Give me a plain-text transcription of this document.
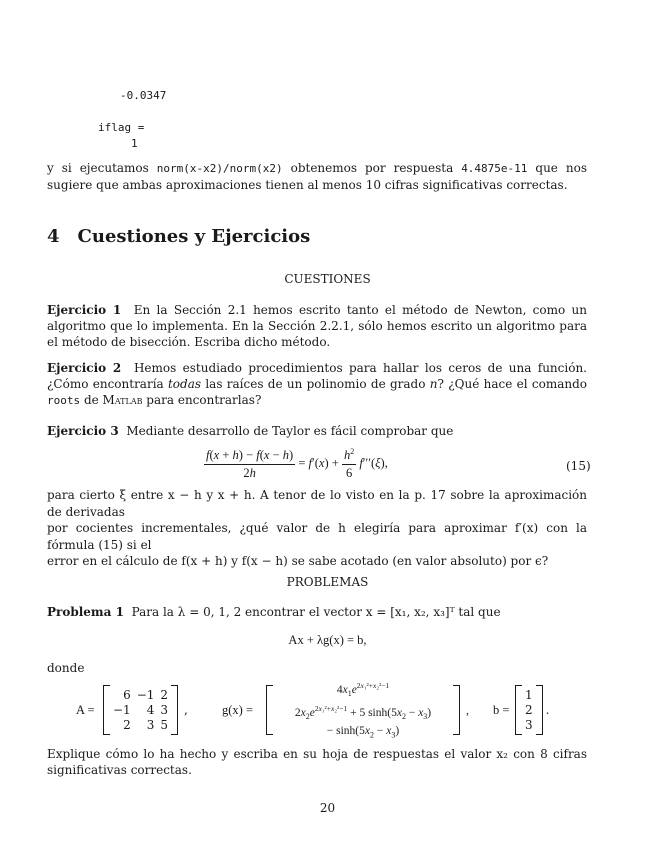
-0.0347
iflag =
1
y si ejecutamos norm(x-x2)/norm(x2) obtenemos por respuesta 4.4875e-11 que nos sugiere que ambas aproximaciones tienen al menos 10 cifras significativas correctas.
4 Cuestiones y Ejercicios
CUESTIONES
Ejercicio 1 En la Sección 2.1 hemos escrito tanto el método de Newton, como un algoritmo que lo implementa. En la Sección 2.2.1, sólo hemos escrito un algoritmo para el método de bisección. Escriba dicho método.
Ejercicio 2 Hemos estudiado procedimientos para hallar los ceros de una función. ¿Cómo encontraría todas las raíces de un polinomio de grado n? ¿Qué hace el comando roots de Matlab para encontrarlas?
Ejercicio 3 Mediante desarrollo de Taylor es fácil comprobar que
$\frac{f(x + h) - f(x - h)}{2h} = f'(x) + \frac{h^2}{6} f'''(\xi)$,	(15)
para cierto ξ entre x − h y x + h. A tenor de lo visto en la p. 17 sobre la aproximación de derivadas
por cocientes incrementales, ¿qué valor de h elegiría para aproximar f′(x) con la fórmula (15) si el
error en el cálculo de f(x + h) y f(x − h) se sabe acotado (en valor absoluto) por ϵ?
PROBLEMAS
Problema 1 Para la λ = 0, 1, 2 encontrar el vector x = [x₁, x₂, x₃]ᵀ tal que
Ax + λg(x) = b,
donde
A =
6	−1	2
−1	4	3
2	3	5
,	g(x) =
$4x_1e^{2x_1^2+x_2^2-1}$
$2x_2e^{2x_1^2+x_2^2-1} + 5$ $\sinh(5x_2 - x_3)$
− $\sinh(5x_2 - x_3)$
, b =
1
2
3
.
Explique cómo lo ha hecho y escriba en su hoja de respuestas el valor x₂ con 8 cifras significativas correctas.
20
